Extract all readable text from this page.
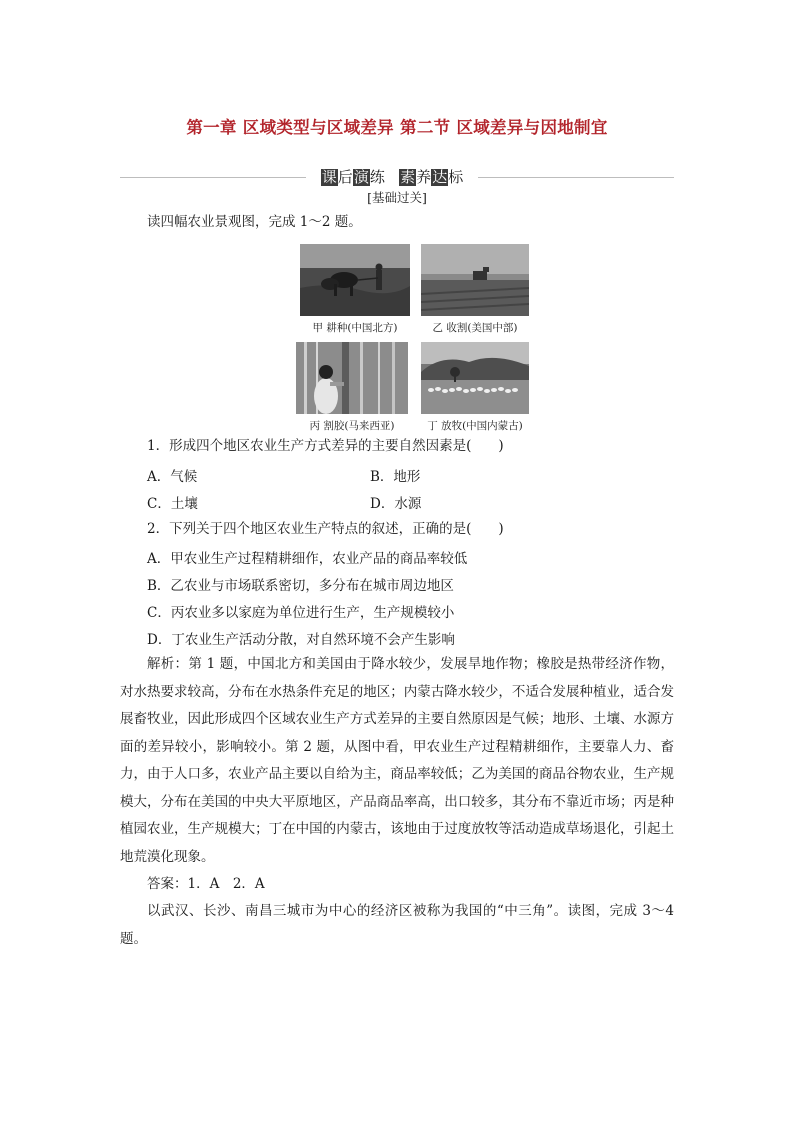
第一章 区域类型与区域差异 第二节 区域差异与因地制宜
课后演练 素养达标
[基础过关]
读四幅农业景观图，完成 1～2 题。
甲 耕种(中国北方)	乙 收割(美国中部)
丙 割胶(马来西亚)	丁 放牧(中国内蒙古)
1．形成四个地区农业生产方式差异的主要自然因素是(　　)
A．气候	B．地形
C．土壤	D．水源
2．下列关于四个地区农业生产特点的叙述，正确的是(　　)
A．甲农业生产过程精耕细作，农业产品的商品率较低
B．乙农业与市场联系密切，多分布在城市周边地区
C．丙农业多以家庭为单位进行生产，生产规模较小
D．丁农业生产活动分散，对自然环境不会产生影响
解析：第 1 题，中国北方和美国由于降水较少，发展旱地作物；橡胶是热带经济作物，对水热要求较高，分布在水热条件充足的地区；内蒙古降水较少，不适合发展种植业，适合发展畜牧业，因此形成四个区域农业生产方式差异的主要自然原因是气候；地形、土壤、水源方面的差异较小，影响较小。第 2 题，从图中看，甲农业生产过程精耕细作，主要靠人力、畜力，由于人口多，农业产品主要以自给为主，商品率较低；乙为美国的商品谷物农业，生产规模大，分布在美国的中央大平原地区，产品商品率高，出口较多，其分布不靠近市场；丙是种植园农业，生产规模大；丁在中国的内蒙古，该地由于过度放牧等活动造成草场退化，引起土地荒漠化现象。
答案：1．A　2．A
以武汉、长沙、南昌三城市为中心的经济区被称为我国的“中三角”。读图，完成 3～4 题。
